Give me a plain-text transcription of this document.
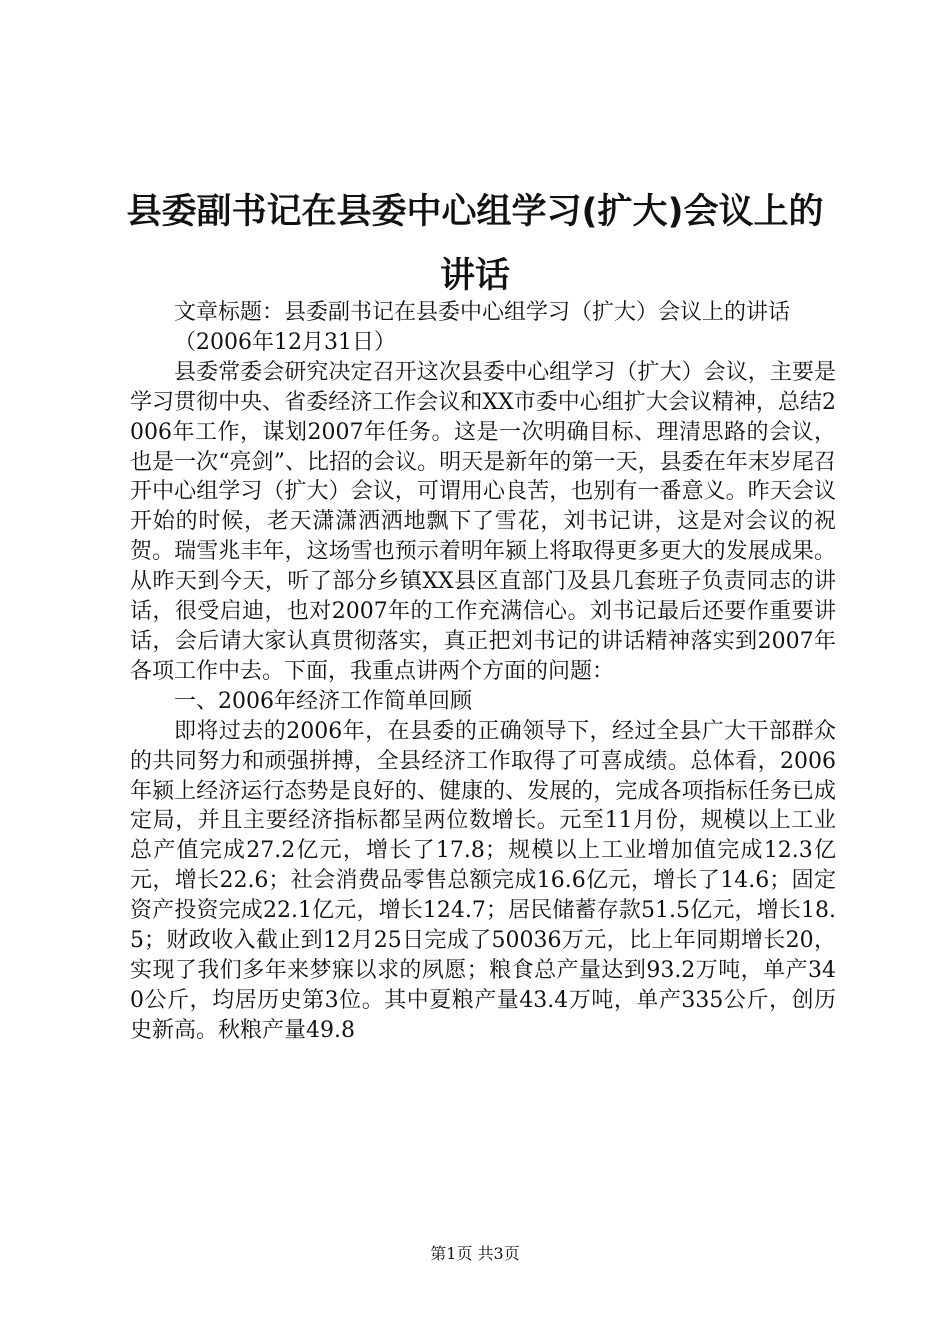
县委副书记在县委中心组学习(扩大)会议上的讲话

文章标题：县委副书记在县委中心组学习（扩大）会议上的讲话

（2006年12月31日）

县委常委会研究决定召开这次县委中心组学习（扩大）会议，主要是学习贯彻中央、省委经济工作会议和XX市委中心组扩大会议精神，总结2006年工作，谋划2007年任务。这是一次明确目标、理清思路的会议，也是一次“亮剑”、比招的会议。明天是新年的第一天，县委在年末岁尾召开中心组学习（扩大）会议，可谓用心良苦，也别有一番意义。昨天会议开始的时候，老天潇潇洒洒地飘下了雪花，刘书记讲，这是对会议的祝贺。瑞雪兆丰年，这场雪也预示着明年颍上将取得更多更大的发展成果。从昨天到今天，听了部分乡镇XX县区直部门及县几套班子负责同志的讲话，很受启迪，也对2007年的工作充满信心。刘书记最后还要作重要讲话，会后请大家认真贯彻落实，真正把刘书记的讲话精神落实到2007年各项工作中去。下面，我重点讲两个方面的问题：

一、2006年经济工作简单回顾

即将过去的2006年，在县委的正确领导下，经过全县广大干部群众的共同努力和顽强拼搏，全县经济工作取得了可喜成绩。总体看，2006年颍上经济运行态势是良好的、健康的、发展的，完成各项指标任务已成定局，并且主要经济指标都呈两位数增长。元至11月份，规模以上工业总产值完成27.2亿元，增长了17.8；规模以上工业增加值完成12.3亿元，增长22.6；社会消费品零售总额完成16.6亿元，增长了14.6；固定资产投资完成22.1亿元，增长124.7；居民储蓄存款51.5亿元，增长18.5；财政收入截止到12月25日完成了50036万元，比上年同期增长20，实现了我们多年来梦寐以求的夙愿；粮食总产量达到93.2万吨，单产340公斤，均居历史第3位。其中夏粮产量43.4万吨，单产335公斤，创历史新高。秋粮产量49.8

第1页 共3页
